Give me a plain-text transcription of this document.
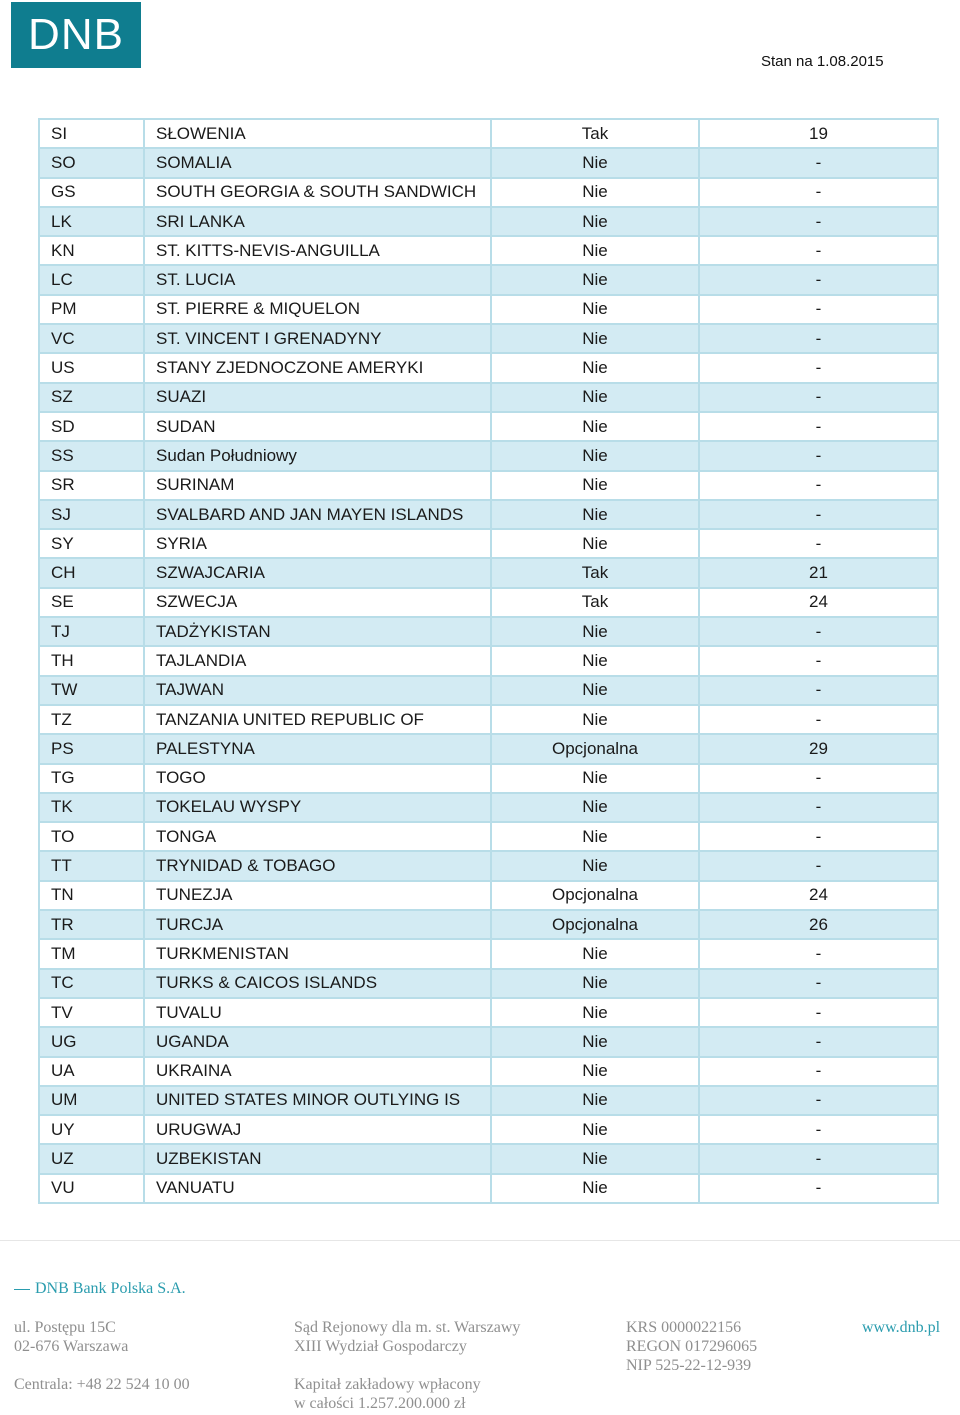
DNB
Stan na 1.08.2015
SI	SŁOWENIA	Tak	19
SO	SOMALIA	Nie	-
GS	SOUTH GEORGIA & SOUTH SANDWICH	Nie	-
LK	SRI LANKA	Nie	-
KN	ST. KITTS-NEVIS-ANGUILLA	Nie	-
LC	ST. LUCIA	Nie	-
PM	ST. PIERRE & MIQUELON	Nie	-
VC	ST. VINCENT I GRENADYNY	Nie	-
US	STANY ZJEDNOCZONE AMERYKI	Nie	-
SZ	SUAZI	Nie	-
SD	SUDAN	Nie	-
SS	Sudan Południowy	Nie	-
SR	SURINAM	Nie	-
SJ	SVALBARD AND JAN MAYEN ISLANDS	Nie	-
SY	SYRIA	Nie	-
CH	SZWAJCARIA	Tak	21
SE	SZWECJA	Tak	24
TJ	TADŻYKISTAN	Nie	-
TH	TAJLANDIA	Nie	-
TW	TAJWAN	Nie	-
TZ	TANZANIA UNITED REPUBLIC OF	Nie	-
PS	PALESTYNA	Opcjonalna	29
TG	TOGO	Nie	-
TK	TOKELAU WYSPY	Nie	-
TO	TONGA	Nie	-
TT	TRYNIDAD & TOBAGO	Nie	-
TN	TUNEZJA	Opcjonalna	24
TR	TURCJA	Opcjonalna	26
TM	TURKMENISTAN	Nie	-
TC	TURKS & CAICOS ISLANDS	Nie	-
TV	TUVALU	Nie	-
UG	UGANDA	Nie	-
UA	UKRAINA	Nie	-
UM	UNITED STATES MINOR OUTLYING IS	Nie	-
UY	URUGWAJ	Nie	-
UZ	UZBEKISTAN	Nie	-
VU	VANUATU	Nie	-
DNB Bank Polska S.A.
ul. Postępu 15C
02-676 Warszawa
Centrala: +48 22 524 10 00
Sąd Rejonowy dla m. st. Warszawy
XIII Wydział Gospodarczy
Kapitał zakładowy wpłacony
w całości 1.257.200.000 zł
KRS 0000022156
REGON 017296065
NIP 525-22-12-939
www.dnb.pl
